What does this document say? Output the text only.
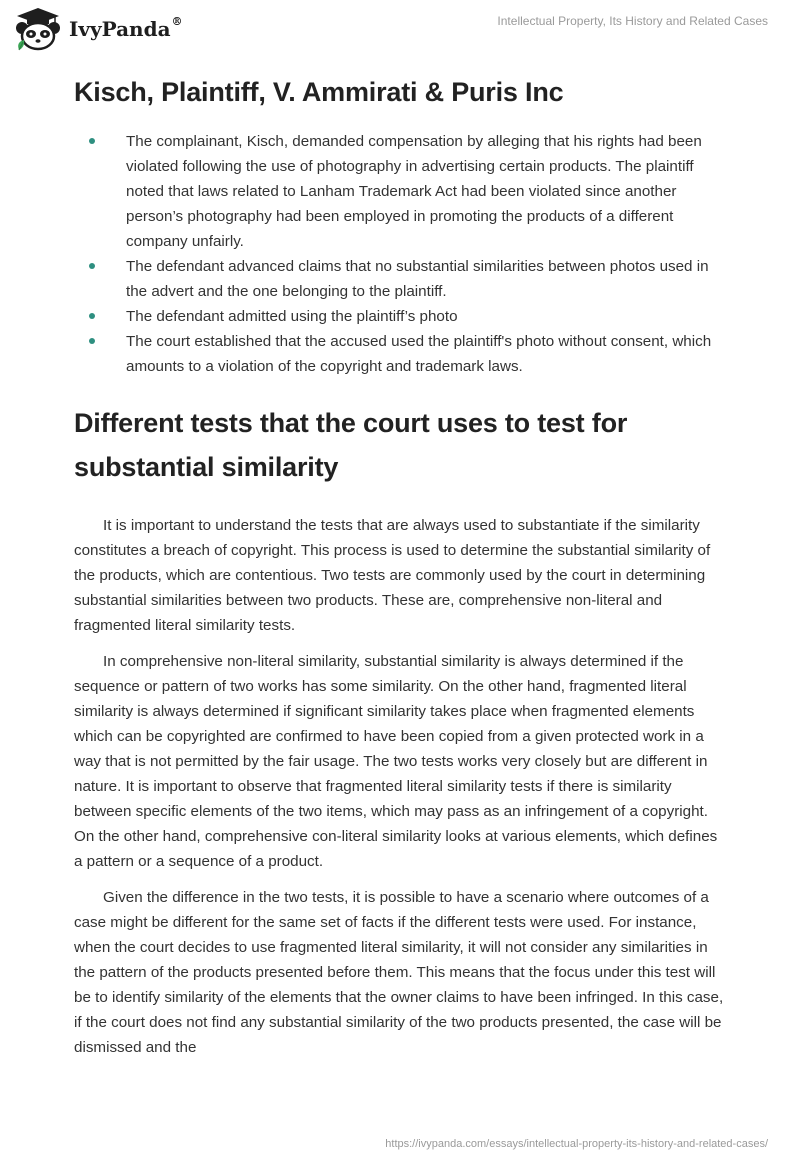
IvyPanda®	Intellectual Property, Its History and Related Cases
Kisch, Plaintiff, V. Ammirati & Puris Inc
The complainant, Kisch, demanded compensation by alleging that his rights had been violated following the use of photography in advertising certain products. The plaintiff noted that laws related to Lanham Trademark Act had been violated since another person’s photography had been employed in promoting the products of a different company unfairly.
The defendant advanced claims that no substantial similarities between photos used in the advert and the one belonging to the plaintiff.
The defendant admitted using the plaintiff’s photo
The court established that the accused used the plaintiff's photo without consent, which amounts to a violation of the copyright and trademark laws.
Different tests that the court uses to test for substantial similarity

It is important to understand the tests that are always used to substantiate if the similarity constitutes a breach of copyright. This process is used to determine the substantial similarity of the products, which are contentious. Two tests are commonly used by the court in determining substantial similarities between two products. These are, comprehensive non-literal and fragmented literal similarity tests.

In comprehensive non-literal similarity, substantial similarity is always determined if the sequence or pattern of two works has some similarity. On the other hand, fragmented literal similarity is always determined if significant similarity takes place when fragmented elements which can be copyrighted are confirmed to have been copied from a given protected work in a way that is not permitted by the fair usage. The two tests works very closely but are different in nature. It is important to observe that fragmented literal similarity tests if there is similarity between specific elements of the two items, which may pass as an infringement of a copyright. On the other hand, comprehensive con-literal similarity looks at various elements, which defines a pattern or a sequence of a product.

Given the difference in the two tests, it is possible to have a scenario where outcomes of a case might be different for the same set of facts if the different tests were used. For instance, when the court decides to use fragmented literal similarity, it will not consider any similarities in the pattern of the products presented before them. This means that the focus under this test will be to identify similarity of the elements that the owner claims to have been infringed. In this case, if the court does not find any substantial similarity of the two products presented, the case will be dismissed and the

https://ivypanda.com/essays/intellectual-property-its-history-and-related-cases/
